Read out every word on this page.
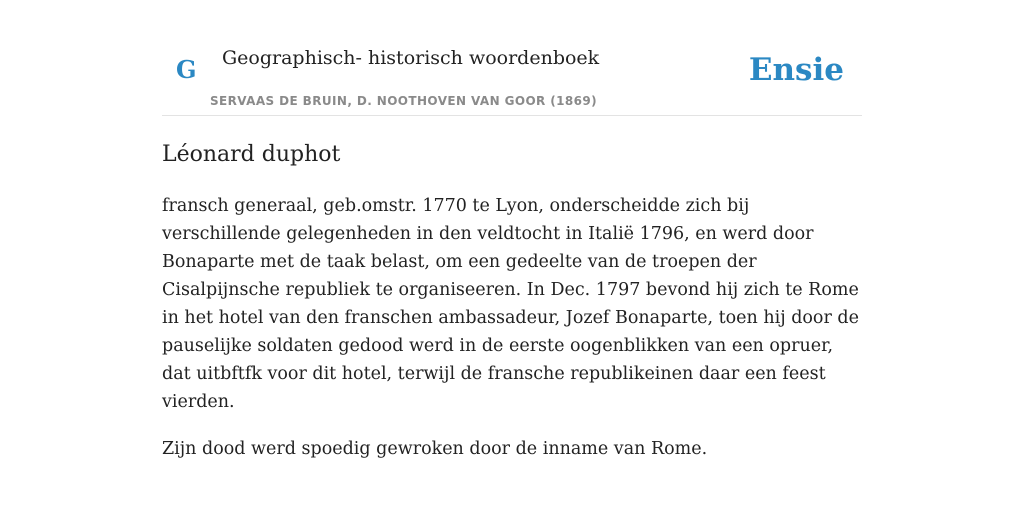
G Geographisch- historisch woordenboek
SERVAAS DE BRUIN, D. NOOTHOVEN VAN GOOR (1869)
Ensie
Léonard duphot

fransch generaal, geb.omstr. 1770 te Lyon, onderscheidde zich bij verschillende gelegenheden in den veldtocht in Italië 1796, en werd door Bonaparte met de taak belast, om een gedeelte van de troepen der Cisalpijnsche republiek te organiseeren. In Dec. 1797 bevond hij zich te Rome in het hotel van den franschen ambassadeur, Jozef Bonaparte, toen hij door de pauselijke soldaten gedood werd in de eerste oogenblikken van een opruer, dat uitbftfk voor dit hotel, terwijl de fransche republikeinen daar een feest vierden.

Zijn dood werd spoedig gewroken door de inname van Rome.
